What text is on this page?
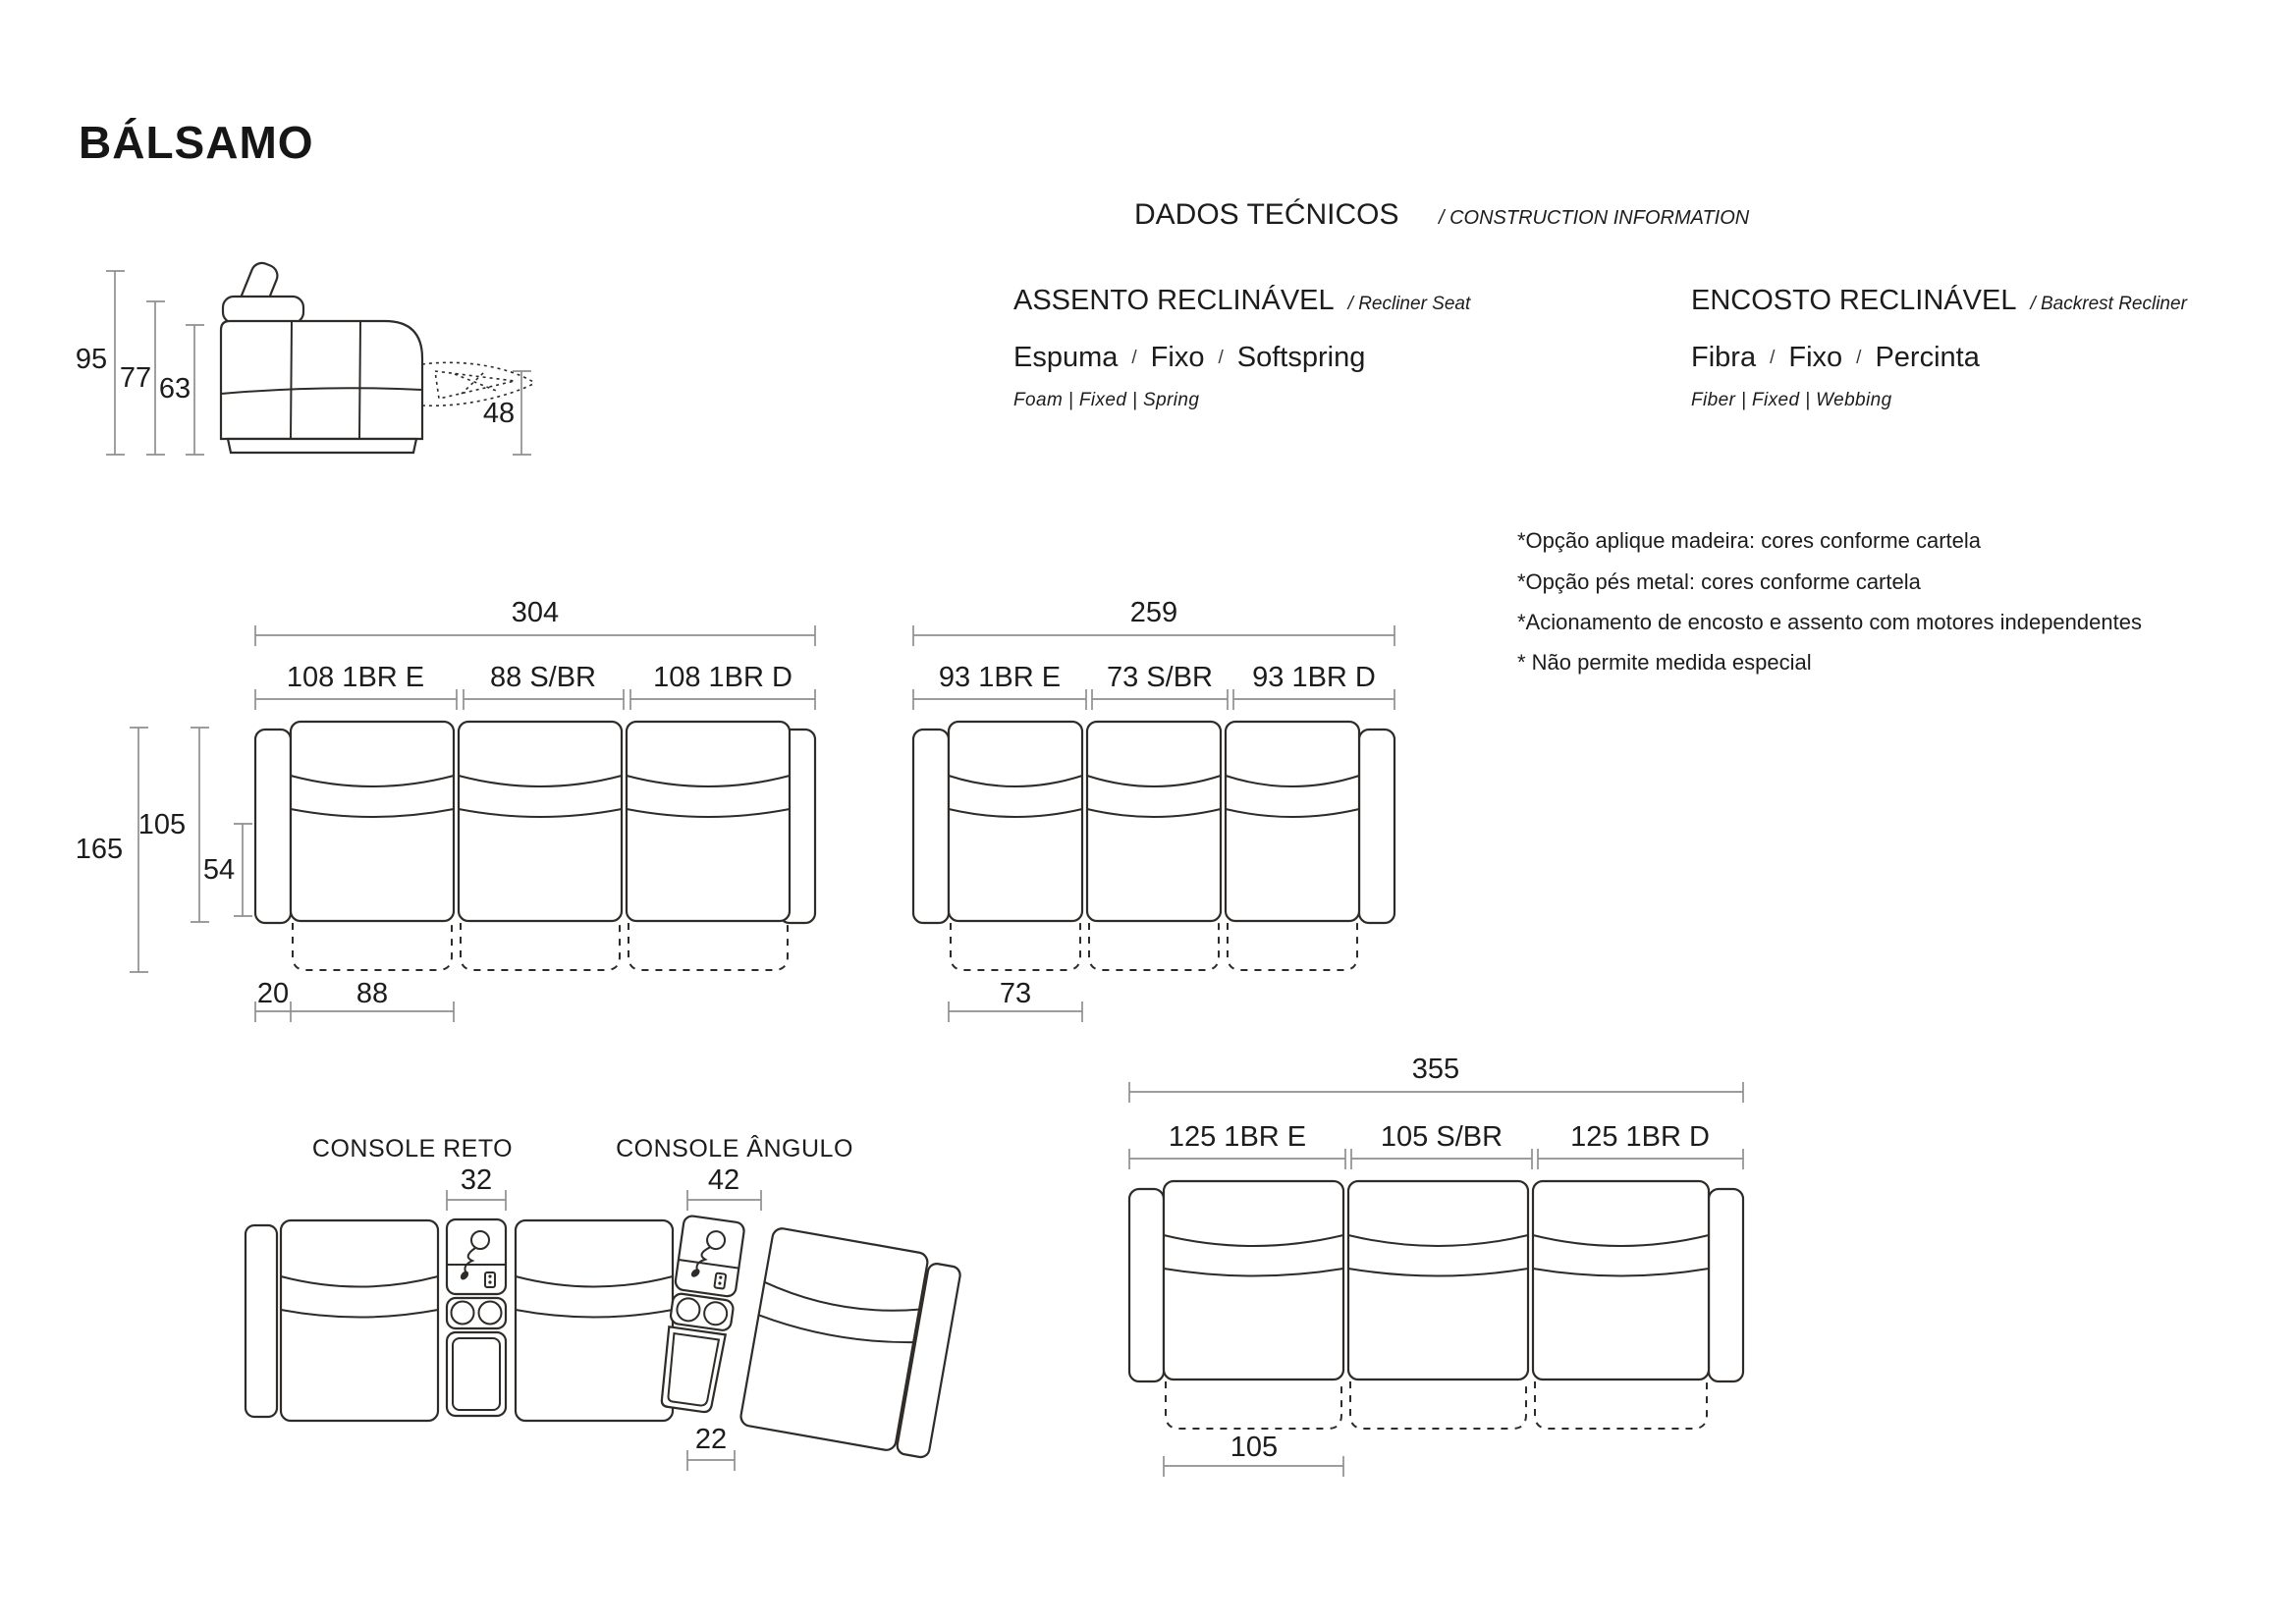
BÁLSAMO
95
77 63
48
DADOS TEĆNICOS / CONSTRUCTION INFORMATION
ASSENTO RECLINÁVEL / Recliner Seat
Espuma / Fixo / Softspring
Foam | Fixed | Spring
ENCOSTO RECLINÁVEL / Backrest Recliner
Fibra / Fixo / Percinta
Fiber | Fixed | Webbing
*Opção aplique madeira: cores conforme cartela
*Opção pés metal: cores conforme cartela
*Acionamento de encosto e assento com motores independentes
* Não permite medida especial
304
108 1BR E 88 S/BR 108 1BR D
165
105
54
20 88
259
93 1BR E 73 S/BR 93 1BR D
73
355
125 1BR E	105 S/BR 125 1BR D
105
CONSOLE RETO
32
CONSOLE ÂNGULO
42
22
